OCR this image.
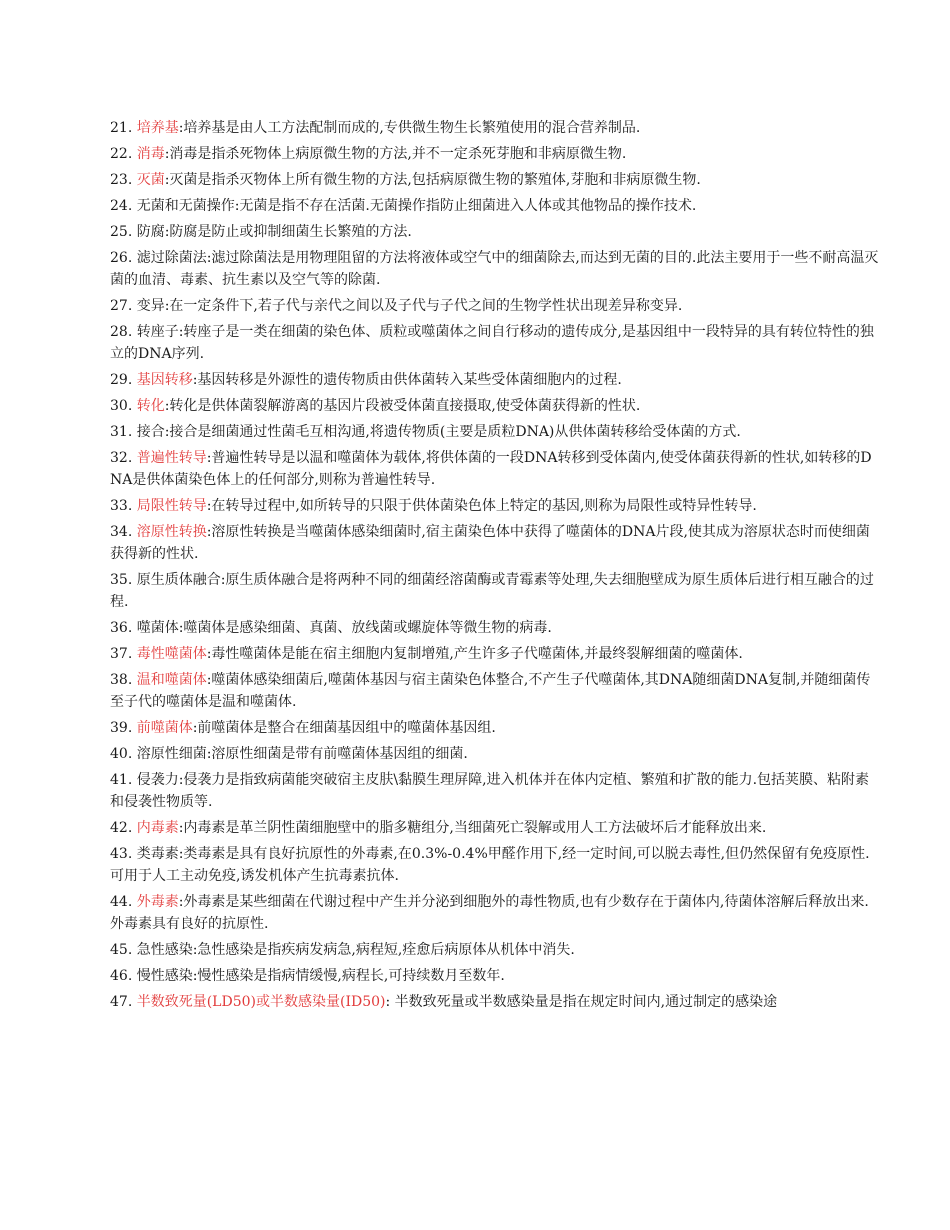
21. 培养基:培养基是由人工方法配制而成的,专供微生物生长繁殖使用的混合营养制品.
22. 消毒:消毒是指杀死物体上病原微生物的方法,并不一定杀死芽胞和非病原微生物.
23. 灭菌:灭菌是指杀灭物体上所有微生物的方法,包括病原微生物的繁殖体,芽胞和非病原微生物.
24. 无菌和无菌操作:无菌是指不存在活菌.无菌操作指防止细菌进入人体或其他物品的操作技术.
25. 防腐:防腐是防止或抑制细菌生长繁殖的方法.
26. 滤过除菌法:滤过除菌法是用物理阻留的方法将液体或空气中的细菌除去,而达到无菌的目的.此法主要用于一些不耐高温灭菌的血清、毒素、抗生素以及空气等的除菌.
27. 变异:在一定条件下,若子代与亲代之间以及子代与子代之间的生物学性状出现差异称变异.
28. 转座子:转座子是一类在细菌的染色体、质粒或噬菌体之间自行移动的遗传成分,是基因组中一段特异的具有转位特性的独立的DNA序列.
29. 基因转移:基因转移是外源性的遗传物质由供体菌转入某些受体菌细胞内的过程.
30. 转化:转化是供体菌裂解游离的基因片段被受体菌直接摄取,使受体菌获得新的性状.
31. 接合:接合是细菌通过性菌毛互相沟通,将遗传物质(主要是质粒DNA)从供体菌转移给受体菌的方式.
32. 普遍性转导:普遍性转导是以温和噬菌体为载体,将供体菌的一段DNA转移到受体菌内,使受体菌获得新的性状,如转移的DNA是供体菌染色体上的任何部分,则称为普遍性转导.
33. 局限性转导:在转导过程中,如所转导的只限于供体菌染色体上特定的基因,则称为局限性或特异性转导.
34. 溶原性转换:溶原性转换是当噬菌体感染细菌时,宿主菌染色体中获得了噬菌体的DNA片段,使其成为溶原状态时而使细菌获得新的性状.
35. 原生质体融合:原生质体融合是将两种不同的细菌经溶菌酶或青霉素等处理,失去细胞壁成为原生质体后进行相互融合的过程.
36. 噬菌体:噬菌体是感染细菌、真菌、放线菌或螺旋体等微生物的病毒.
37. 毒性噬菌体:毒性噬菌体是能在宿主细胞内复制增殖,产生许多子代噬菌体,并最终裂解细菌的噬菌体.
38. 温和噬菌体:噬菌体感染细菌后,噬菌体基因与宿主菌染色体整合,不产生子代噬菌体,其DNA随细菌DNA复制,并随细菌传至子代的噬菌体是温和噬菌体.
39. 前噬菌体:前噬菌体是整合在细菌基因组中的噬菌体基因组.
40. 溶原性细菌:溶原性细菌是带有前噬菌体基因组的细菌.
41. 侵袭力:侵袭力是指致病菌能突破宿主皮肤\黏膜生理屏障,进入机体并在体内定植、繁殖和扩散的能力.包括荚膜、粘附素和侵袭性物质等.
42. 内毒素:内毒素是革兰阴性菌细胞壁中的脂多糖组分,当细菌死亡裂解或用人工方法破坏后才能释放出来.
43. 类毒素:类毒素是具有良好抗原性的外毒素,在0.3%-0.4%甲醛作用下,经一定时间,可以脱去毒性,但仍然保留有免疫原性.可用于人工主动免疫,诱发机体产生抗毒素抗体.
44. 外毒素:外毒素是某些细菌在代谢过程中产生并分泌到细胞外的毒性物质,也有少数存在于菌体内,待菌体溶解后释放出来.外毒素具有良好的抗原性.
45. 急性感染:急性感染是指疾病发病急,病程短,痊愈后病原体从机体中消失.
46. 慢性感染:慢性感染是指病情缓慢,病程长,可持续数月至数年.
47. 半数致死量(LD50)或半数感染量(ID50): 半数致死量或半数感染量是指在规定时间内,通过制定的感染途
